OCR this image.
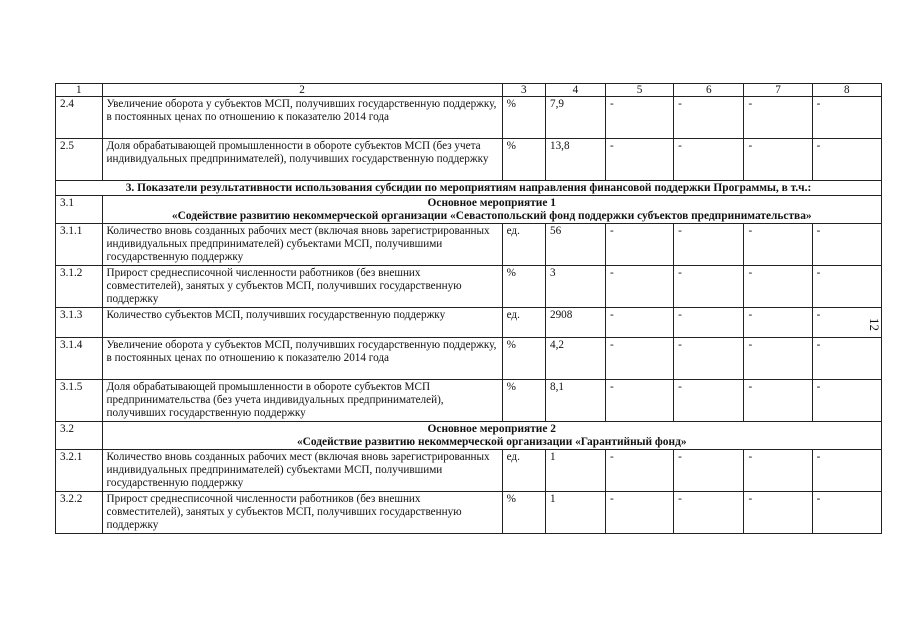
1	2	3	4	5	6	7	8
2.4	Увеличение оборота у субъектов МСП, получивших государственную поддержку, в постоянных ценах по отношению к показателю 2014 года	%	7,9	-	-	-	-
2.5	Доля обрабатывающей промышленности в обороте субъектов МСП (без учета индивидуальных предпринимателей), получивших государственную поддержку	%	13,8	-	-	-	-
3. Показатели результативности использования субсидии по мероприятиям направления финансовой поддержки Программы, в т.ч.:							
3.1	Основное мероприятие 1
«Содействие развитию некоммерческой организации «Севастопольский фонд поддержки субъектов предпринимательства»						

3.1.1	Количество вновь созданных рабочих мест (включая вновь зарегистрированных индивидуальных предпринимателей) субъектами МСП, получившими государственную поддержку	ед.	56	-	-	-	-
3.1.2	Прирост среднесписочной численности работников (без внешних совместителей), занятых у субъектов МСП, получивших государственную поддержку	%	3	-	-	-	-
3.1.3	Количество субъектов МСП, получивших государственную поддержку	ед.	2908	-	-	-	-
3.1.4	Увеличение оборота у субъектов МСП, получивших государственную поддержку, в постоянных ценах по отношению к показателю 2014 года	%	4,2	-	-	-	-
3.1.5	Доля обрабатывающей промышленности в обороте субъектов МСП предпринимательства (без учета индивидуальных предпринимателей), получивших государственную поддержку	%	8,1	-	-	-	-
3.2	Основное мероприятие 2
«Содействие развитию некоммерческой организации «Гарантийный фонд»						

3.2.1	Количество вновь созданных рабочих мест (включая вновь зарегистрированных индивидуальных предпринимателей) субъектами МСП, получившими государственную поддержку	ед.	1	-	-	-	-
3.2.2	Прирост среднесписочной численности работников (без внешних совместителей), занятых у субъектов МСП, получивших государственную поддержку	%	1	-	-	-	-
12
